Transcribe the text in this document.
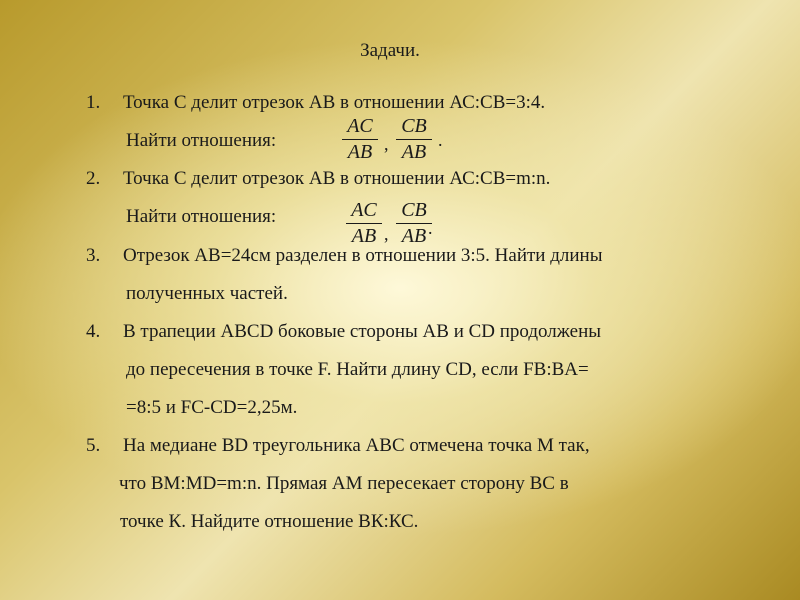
Задачи.
1. Точка С делит отрезок АВ в отношении АС:СВ=3:4.
Найти отношения:
AC
AB ,
CB
AB
.
2. Точка С делит отрезок АВ в отношении АС:СВ=m:n.
Найти отношения:	AC
AB ,
CB
AB .
3. Отрезок АВ=24см разделен в отношении 3:5. Найти длины
полученных частей.
4. В трапеции АВСD боковые стороны АВ и СD продолжены
до пересечения в точке F. Найти длину CD, если FB:BA=
=8:5 и FC-CD=2,25м.
5. На медиане ВD треугольника АВС отмечена точка М так,
что ВМ:МD=m:n. Прямая АМ пересекает сторону ВС в
точке К. Найдите отношение ВК:КС.
